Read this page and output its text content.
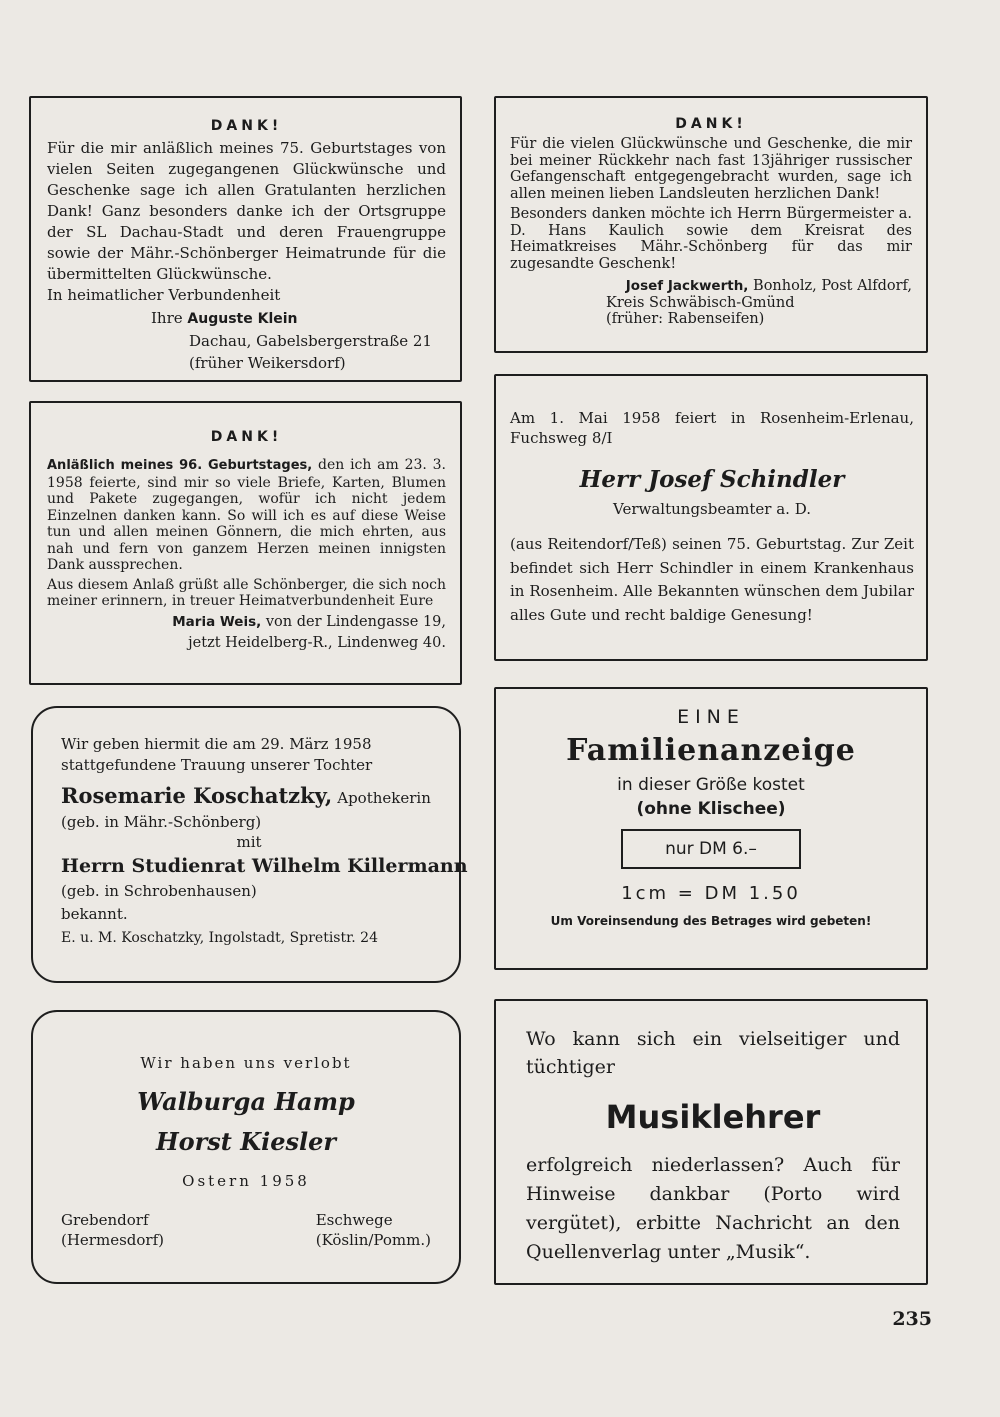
DANK!

Für die mir anläßlich meines 75. Geburtstages von vielen Seiten zugegangenen Glückwünsche und Geschenke sage ich allen Gratulanten herzlichen Dank! Ganz besonders danke ich der Ortsgruppe der SL Dachau-Stadt und deren Frauengruppe sowie der Mähr.-Schönberger Heimatrunde für die übermittelten Glückwünsche.

In heimatlicher Verbundenheit

Ihre Auguste Klein

Dachau, Gabelsbergerstraße 21

(früher Weikersdorf)

DANK!

Für die vielen Glückwünsche und Geschenke, die mir bei meiner Rückkehr nach fast 13jähriger russischer Gefangenschaft entgegengebracht wurden, sage ich allen meinen lieben Landsleuten herzlichen Dank!

Besonders danken möchte ich Herrn Bürgermeister a. D. Hans Kaulich sowie dem Kreisrat des Heimatkreises Mähr.-Schönberg für das mir zugesandte Geschenk!

Josef Jackwerth, Bonholz, Post Alfdorf,

Kreis Schwäbisch-Gmünd

(früher: Rabenseifen)

DANK!

Anläßlich meines 96. Geburtstages, den ich am 23. 3. 1958 feierte, sind mir so viele Briefe, Karten, Blumen und Pakete zugegangen, wofür ich nicht jedem Einzelnen danken kann. So will ich es auf diese Weise tun und allen meinen Gönnern, die mich ehrten, aus nah und fern von ganzem Herzen meinen innigsten Dank aussprechen.

Aus diesem Anlaß grüßt alle Schönberger, die sich noch meiner erinnern, in treuer Heimatverbundenheit Eure

Maria Weis, von der Lindengasse 19,

jetzt Heidelberg-R., Lindenweg 40.

Am 1. Mai 1958 feiert in Rosenheim-Erlenau, Fuchsweg 8/I

Herr Josef Schindler

Verwaltungsbeamter a. D.

(aus Reitendorf/Teß) seinen 75. Geburtstag. Zur Zeit befindet sich Herr Schindler in einem Krankenhaus in Rosenheim. Alle Bekannten wünschen dem Jubilar alles Gute und recht baldige Genesung!

Wir geben hiermit die am 29. März 1958 stattgefundene Trauung unserer Tochter

Rosemarie Koschatzky, Apothekerin

(geb. in Mähr.-Schönberg)

mit

Herrn Studienrat Wilhelm Killermann

(geb. in Schrobenhausen)

bekannt.

E. u. M. Koschatzky, Ingolstadt, Spretistr. 24

EINE

Familienanzeige

in dieser Größe kostet

(ohne Klischee)

nur DM 6.–

1cm = DM 1.50

Um Voreinsendung des Betrages wird gebeten!

Wir haben uns verlobt

Walburga Hamp

Horst Kiesler

Ostern 1958

Grebendorf
(Hermesdorf)
Eschwege
(Köslin/Pomm.)

Wo kann sich ein vielseitiger und tüchtiger

Musiklehrer

erfolgreich niederlassen? Auch für Hinweise dankbar (Porto wird vergütet), erbitte Nachricht an den Quellenverlag unter „Musik“.

235
